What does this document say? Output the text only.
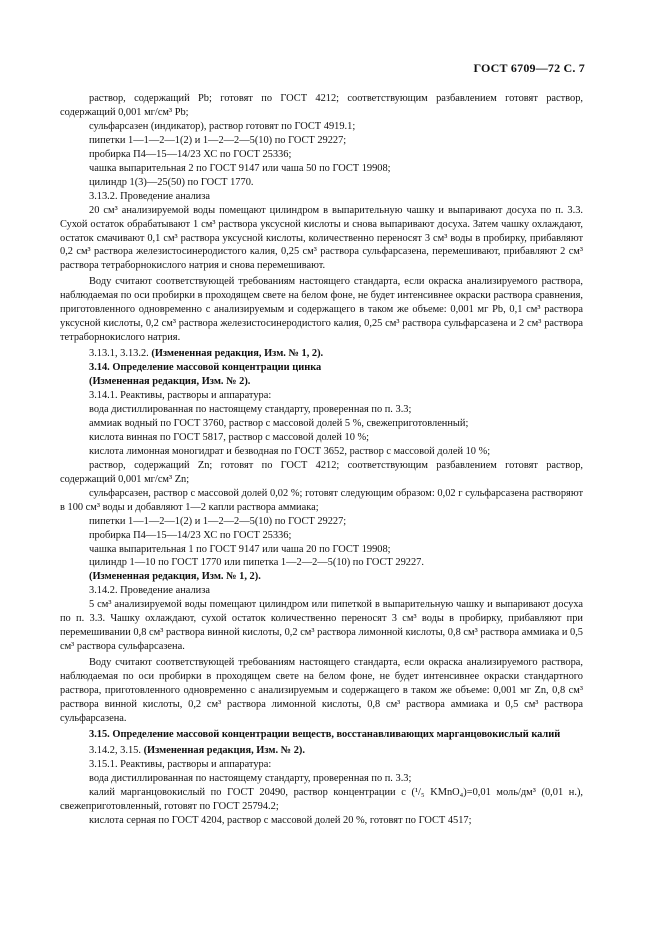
ГОСТ 6709—72 С. 7

раствор, содержащий Pb; готовят по ГОСТ 4212; соответствующим разбавлением готовят раствор, содержащий 0,001 мг/см³ Pb;

сульфарсазен (индикатор), раствор готовят по ГОСТ 4919.1;

пипетки 1—1—2—1(2) и 1—2—2—5(10) по ГОСТ 29227;

пробирка П4—15—14/23 ХС по ГОСТ 25336;

чашка выпарительная 2 по ГОСТ 9147 или чаша 50 по ГОСТ 19908;

цилиндр 1(3)—25(50) по ГОСТ 1770.

3.13.2. Проведение анализа

20 см³ анализируемой воды помещают цилиндром в выпарительную чашку и выпаривают досуха по п. 3.3. Сухой остаток обрабатывают 1 см³ раствора уксусной кислоты и снова выпаривают досуха. Затем чашку охлаждают, остаток смачивают 0,1 см³ раствора уксусной кислоты, количественно переносят 3 см³ воды в пробирку, прибавляют 0,2 см³ раствора железистосинеродистого калия, 0,25 см³ раствора сульфарсазена, перемешивают, прибавляют 2 см³ раствора тетраборнокислого натрия и снова перемешивают.

Воду считают соответствующей требованиям настоящего стандарта, если окраска анализируемого раствора, наблюдаемая по оси пробирки в проходящем свете на белом фоне, не будет интенсивнее окраски раствора сравнения, приготовленного одновременно с анализируемым и содержащего в таком же объеме: 0,001 мг Pb, 0,1 см³ раствора уксусной кислоты, 0,2 см³ раствора железистосинеродистого калия, 0,25 см³ раствора сульфарсазена и 2 см³ раствора тетраборнокислого натрия.

3.13.1, 3.13.2. (Измененная редакция, Изм. № 1, 2).

3.14. Определение массовой концентрации цинка

(Измененная редакция, Изм. № 2).

3.14.1. Реактивы, растворы и аппаратура:

вода дистиллированная по настоящему стандарту, проверенная по п. 3.3;

аммиак водный по ГОСТ 3760, раствор с массовой долей 5 %, свежеприготовленный;

кислота винная по ГОСТ 5817, раствор с массовой долей 10 %;

кислота лимонная моногидрат и безводная по ГОСТ 3652, раствор с массовой долей 10 %;

раствор, содержащий Zn; готовят по ГОСТ 4212; соответствующим разбавлением готовят раствор, содержащий 0,001 мг/см³ Zn;

сульфарсазен, раствор с массовой долей 0,02 %; готовят следующим образом: 0,02 г сульфарсазена растворяют в 100 см³ воды и добавляют 1—2 капли раствора аммиака;

пипетки 1—1—2—1(2) и 1—2—2—5(10) по ГОСТ 29227;

пробирка П4—15—14/23 ХС по ГОСТ 25336;

чашка выпарительная 1 по ГОСТ 9147 или чаша 20 по ГОСТ 19908;

цилиндр 1—10 по ГОСТ 1770 или пипетка 1—2—2—5(10) по ГОСТ 29227.

(Измененная редакция, Изм. № 1, 2).

3.14.2. Проведение анализа

5 см³ анализируемой воды помещают цилиндром или пипеткой в выпарительную чашку и выпаривают досуха по п. 3.3. Чашку охлаждают, сухой остаток количественно переносят 3 см³ воды в пробирку, прибавляют при перемешивании 0,8 см³ раствора винной кислоты, 0,2 см³ раствора лимонной кислоты, 0,8 см³ раствора аммиака и 0,5 см³ раствора сульфарсазена.

Воду считают соответствующей требованиям настоящего стандарта, если окраска анализируемого раствора, наблюдаемая по оси пробирки в проходящем свете на белом фоне, не будет интенсивнее окраски стандартного раствора, приготовленного одновременно с анализируемым и содержащего в таком же объеме: 0,001 мг Zn, 0,8 см³ раствора винной кислоты, 0,2 см³ раствора лимонной кислоты, 0,8 см³ раствора аммиака и 0,5 см³ раствора сульфарсазена.

3.15. Определение массовой концентрации веществ, восстанавливающих марганцовокислый калий

3.14.2, 3.15. (Измененная редакция, Изм. № 2).

3.15.1. Реактивы, растворы и аппаратура:

вода дистиллированная по настоящему стандарту, проверенная по п. 3.3;

калий марганцовокислый по ГОСТ 20490, раствор концентрации c (¹/₅ KMnO₄)=0,01 моль/дм³ (0,01 н.), свежеприготовленный, готовят по ГОСТ 25794.2;

кислота серная по ГОСТ 4204, раствор с массовой долей 20 %, готовят по ГОСТ 4517;
